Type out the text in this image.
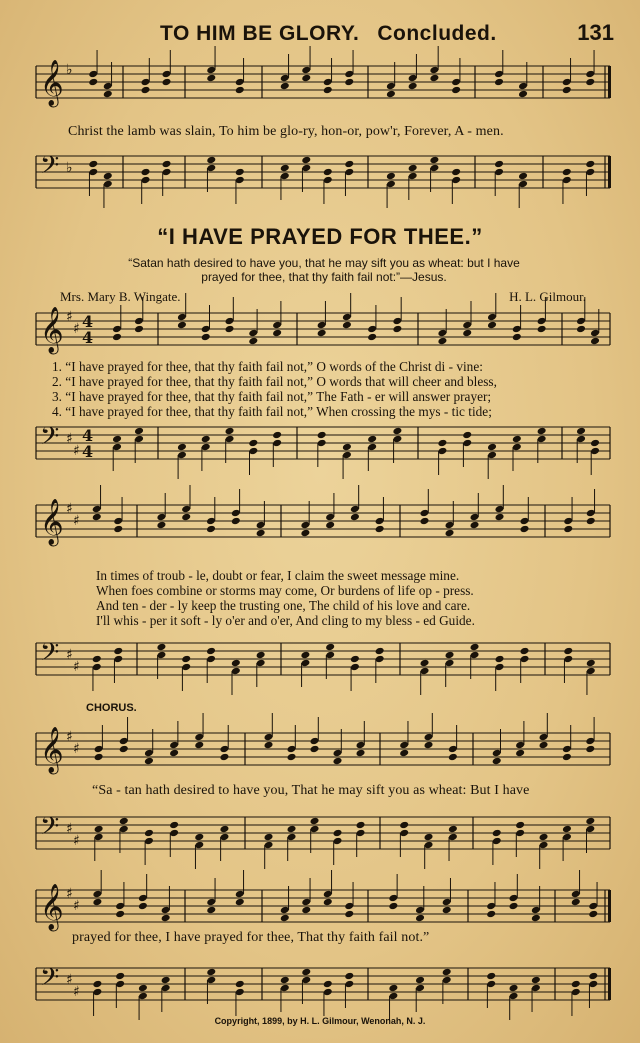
TO HIM BE GLORY. Concluded.	131
𝄞 ♭
Christ the lamb was slain, To him be glo-ry, hon-or, pow'r, Forever, A - men.
𝄢 ♭
“I HAVE PRAYED FOR THEE.”
“Satan hath desired to have you, that he may sift you as wheat: but I have
prayed for thee, that thy faith fail not:”—Jesus.
Mrs. Mary B. Wingate.	H. L. Gilmour.
𝄞 ♯
♯ 4
4
1. “I have prayed for thee, that thy faith fail not,” O words of the Christ di - vine:
2. “I have prayed for thee, that thy faith fail not,” O words that will cheer and bless,
3. “I have prayed for thee, that thy faith fail not,” The Fath - er will answer prayer;
4. “I have prayed for thee, that thy faith fail not,” When crossing the mys - tic tide;
𝄢 ♯
♯
4
4
𝄞 ♯
♯
In times of troub - le, doubt or fear, I claim the sweet message mine.
When foes combine or storms may come, Or burdens of life op - press.
And ten - der - ly keep the trusting one, The child of his love and care.
I'll whis - per it soft - ly o'er and o'er, And cling to my bless - ed Guide.
𝄢 ♯
♯
CHORUS.
𝄞 ♯
♯
“Sa - tan hath desired to have you, That he may sift you as wheat: But I have
𝄢 ♯
♯
𝄞 ♯
♯
prayed for thee, I have prayed for thee, That thy faith fail not.”
𝄢 ♯
♯
Copyright, 1899, by H. L. Gilmour, Wenonah, N. J.
